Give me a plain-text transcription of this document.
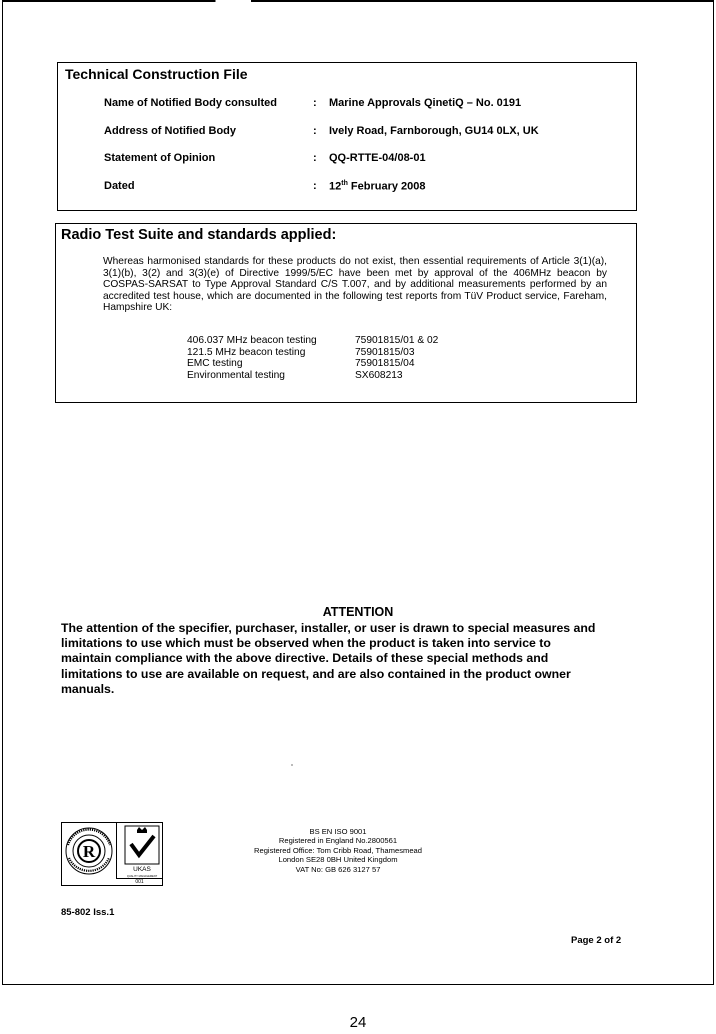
Technical Construction File
Name of Notified Body consulted	: Marine Approvals QinetiQ – No. 0191
Address of Notified Body	: Ively Road, Farnborough, GU14 0LX, UK
Statement of Opinion	: QQ-RTTE-04/08-01
Dated	: 12th February 2008
Radio Test Suite and standards applied:
Whereas harmonised standards for these products do not exist, then essential requirements of Article 3(1)(a), 3(1)(b), 3(2) and 3(3)(e) of Directive 1999/5/EC have been met by approval of the 406MHz beacon by COSPAS-SARSAT to Type Approval Standard C/S T.007, and by additional measurements performed by an accredited test house, which are documented in the following test reports from TüV Product service, Fareham, Hampshire UK:
406.037 MHz beacon testing	75901815/01 & 02
121.5 MHz beacon testing	75901815/03
EMC testing	75901815/04
Environmental testing	SX608213
ATTENTION
The attention of the specifier, purchaser, installer, or user is drawn to special measures and
limitations to use which must be observed when the product is taken into service to
maintain compliance with the above directive. Details of these special methods and
limitations to use are available on request, and are also contained in the product owner
manuals.
R
UKAS
QUALITY MANAGEMENT
001
BS EN ISO 9001
Registered in England No.2800561
Registered Office: Tom Cribb Road, Thamesmead
London SE28 0BH United Kingdom
VAT No: GB 626 3127 57
85-802 Iss.1
Page 2 of 2
24
